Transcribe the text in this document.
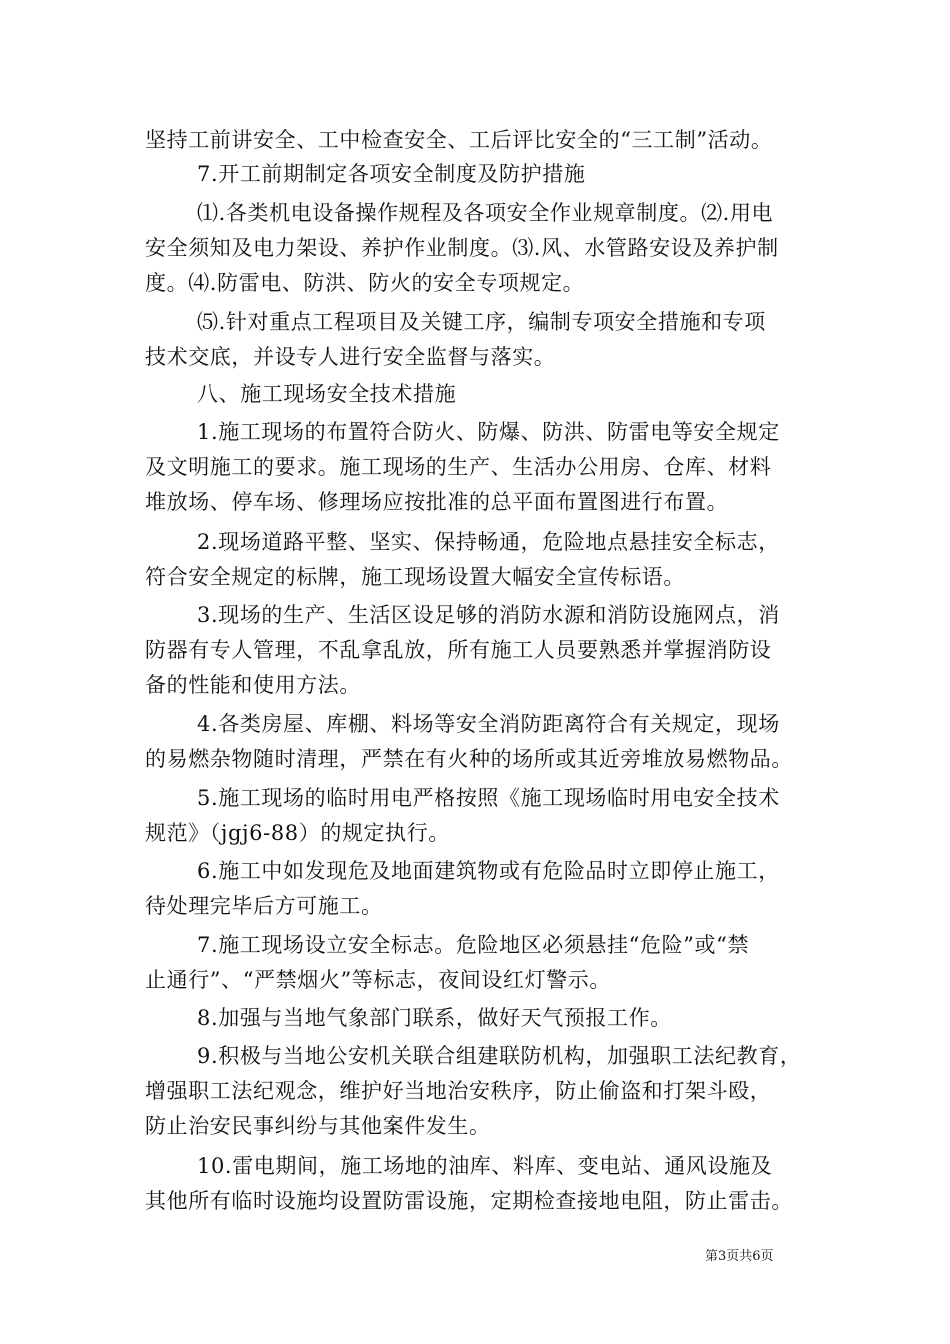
坚持工前讲安全、工中检查安全、工后评比安全的“三工制”活动。
7.开工前期制定各项安全制度及防护措施
⑴.各类机电设备操作规程及各项安全作业规章制度。⑵.用电
安全须知及电力架设、养护作业制度。⑶.风、水管路安设及养护制
度。⑷.防雷电、防洪、防火的安全专项规定。
⑸.针对重点工程项目及关键工序，编制专项安全措施和专项
技术交底，并设专人进行安全监督与落实。
八、施工现场安全技术措施
1.施工现场的布置符合防火、防爆、防洪、防雷电等安全规定
及文明施工的要求。施工现场的生产、生活办公用房、仓库、材料
堆放场、停车场、修理场应按批准的总平面布置图进行布置。
2.现场道路平整、坚实、保持畅通，危险地点悬挂安全标志，
符合安全规定的标牌，施工现场设置大幅安全宣传标语。
3.现场的生产、生活区设足够的消防水源和消防设施网点，消
防器有专人管理，不乱拿乱放，所有施工人员要熟悉并掌握消防设
备的性能和使用方法。
4.各类房屋、库棚、料场等安全消防距离符合有关规定，现场
的易燃杂物随时清理，严禁在有火种的场所或其近旁堆放易燃物品。
5.施工现场的临时用电严格按照《施工现场临时用电安全技术
规范》（jgj6-88）的规定执行。
6.施工中如发现危及地面建筑物或有危险品时立即停止施工，
待处理完毕后方可施工。
7.施工现场设立安全标志。危险地区必须悬挂“危险”或“禁
止通行”、“严禁烟火”等标志，夜间设红灯警示。
8.加强与当地气象部门联系，做好天气预报工作。
9.积极与当地公安机关联合组建联防机构，加强职工法纪教育，
增强职工法纪观念，维护好当地治安秩序，防止偷盗和打架斗殴，
防止治安民事纠纷与其他案件发生。
10.雷电期间，施工场地的油库、料库、变电站、通风设施及
其他所有临时设施均设置防雷设施，定期检查接地电阻，防止雷击。
第3页共6页
